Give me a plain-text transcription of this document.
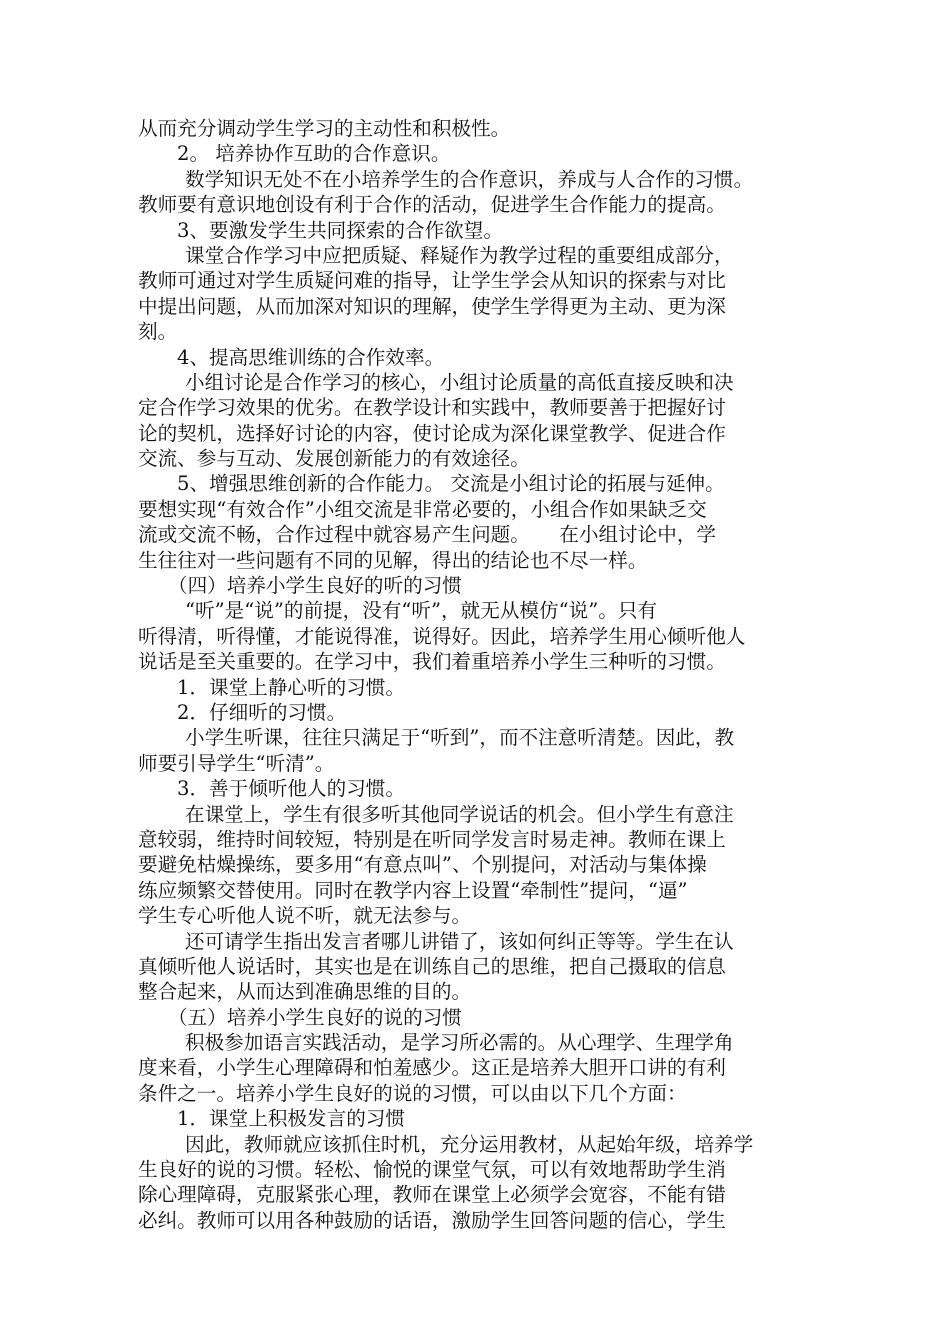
从而充分调动学生学习的主动性和积极性。
2。 培养协作互助的合作意识。
数学知识无处不在小培养学生的合作意识，养成与人合作的习惯。
教师要有意识地创设有利于合作的活动，促进学生合作能力的提高。
3、要激发学生共同探索的合作欲望。
课堂合作学习中应把质疑、释疑作为教学过程的重要组成部分，
教师可通过对学生质疑问难的指导，让学生学会从知识的探索与对比
中提出问题，从而加深对知识的理解，使学生学得更为主动、更为深
刻。
4、提高思维训练的合作效率。
小组讨论是合作学习的核心，小组讨论质量的高低直接反映和决
定合作学习效果的优劣。在教学设计和实践中，教师要善于把握好讨
论的契机，选择好讨论的内容，使讨论成为深化课堂教学、促进合作
交流、参与互动、发展创新能力的有效途径。
5、增强思维创新的合作能力。 交流是小组讨论的拓展与延伸。
要想实现“有效合作”小组交流是非常必要的，小组合作如果缺乏交
流或交流不畅，合作过程中就容易产生问题。　　在小组讨论中，学
生往往对一些问题有不同的见解，得出的结论也不尽一样。
（四）培养小学生良好的听的习惯
“听”是“说”的前提，没有“听”，就无从模仿“说”。只有
听得清，听得懂，才能说得准，说得好。因此，培养学生用心倾听他人
说话是至关重要的。在学习中，我们着重培养小学生三种听的习惯。
1．课堂上静心听的习惯。
2．仔细听的习惯。
小学生听课，往往只满足于“听到”，而不注意听清楚。因此，教
师要引导学生“听清”。
3．善于倾听他人的习惯。
在课堂上，学生有很多听其他同学说话的机会。但小学生有意注
意较弱，维持时间较短，特别是在听同学发言时易走神。教师在课上
要避免枯燥操练，要多用“有意点叫”、个别提问，对活动与集体操
练应频繁交替使用。同时在教学内容上设置“牵制性”提问，“逼”
学生专心听他人说不听，就无法参与。
还可请学生指出发言者哪儿讲错了，该如何纠正等等。学生在认
真倾听他人说话时，其实也是在训练自己的思维，把自己摄取的信息
整合起来，从而达到准确思维的目的。
（五）培养小学生良好的说的习惯
积极参加语言实践活动，是学习所必需的。从心理学、生理学角
度来看，小学生心理障碍和怕羞感少。这正是培养大胆开口讲的有利
条件之一。培养小学生良好的说的习惯，可以由以下几个方面：
1．课堂上积极发言的习惯
因此，教师就应该抓住时机，充分运用教材，从起始年级，培养学
生良好的说的习惯。轻松、愉悦的课堂气氛，可以有效地帮助学生消
除心理障碍，克服紧张心理，教师在课堂上必须学会宽容，不能有错
必纠。教师可以用各种鼓励的话语，激励学生回答问题的信心，学生
